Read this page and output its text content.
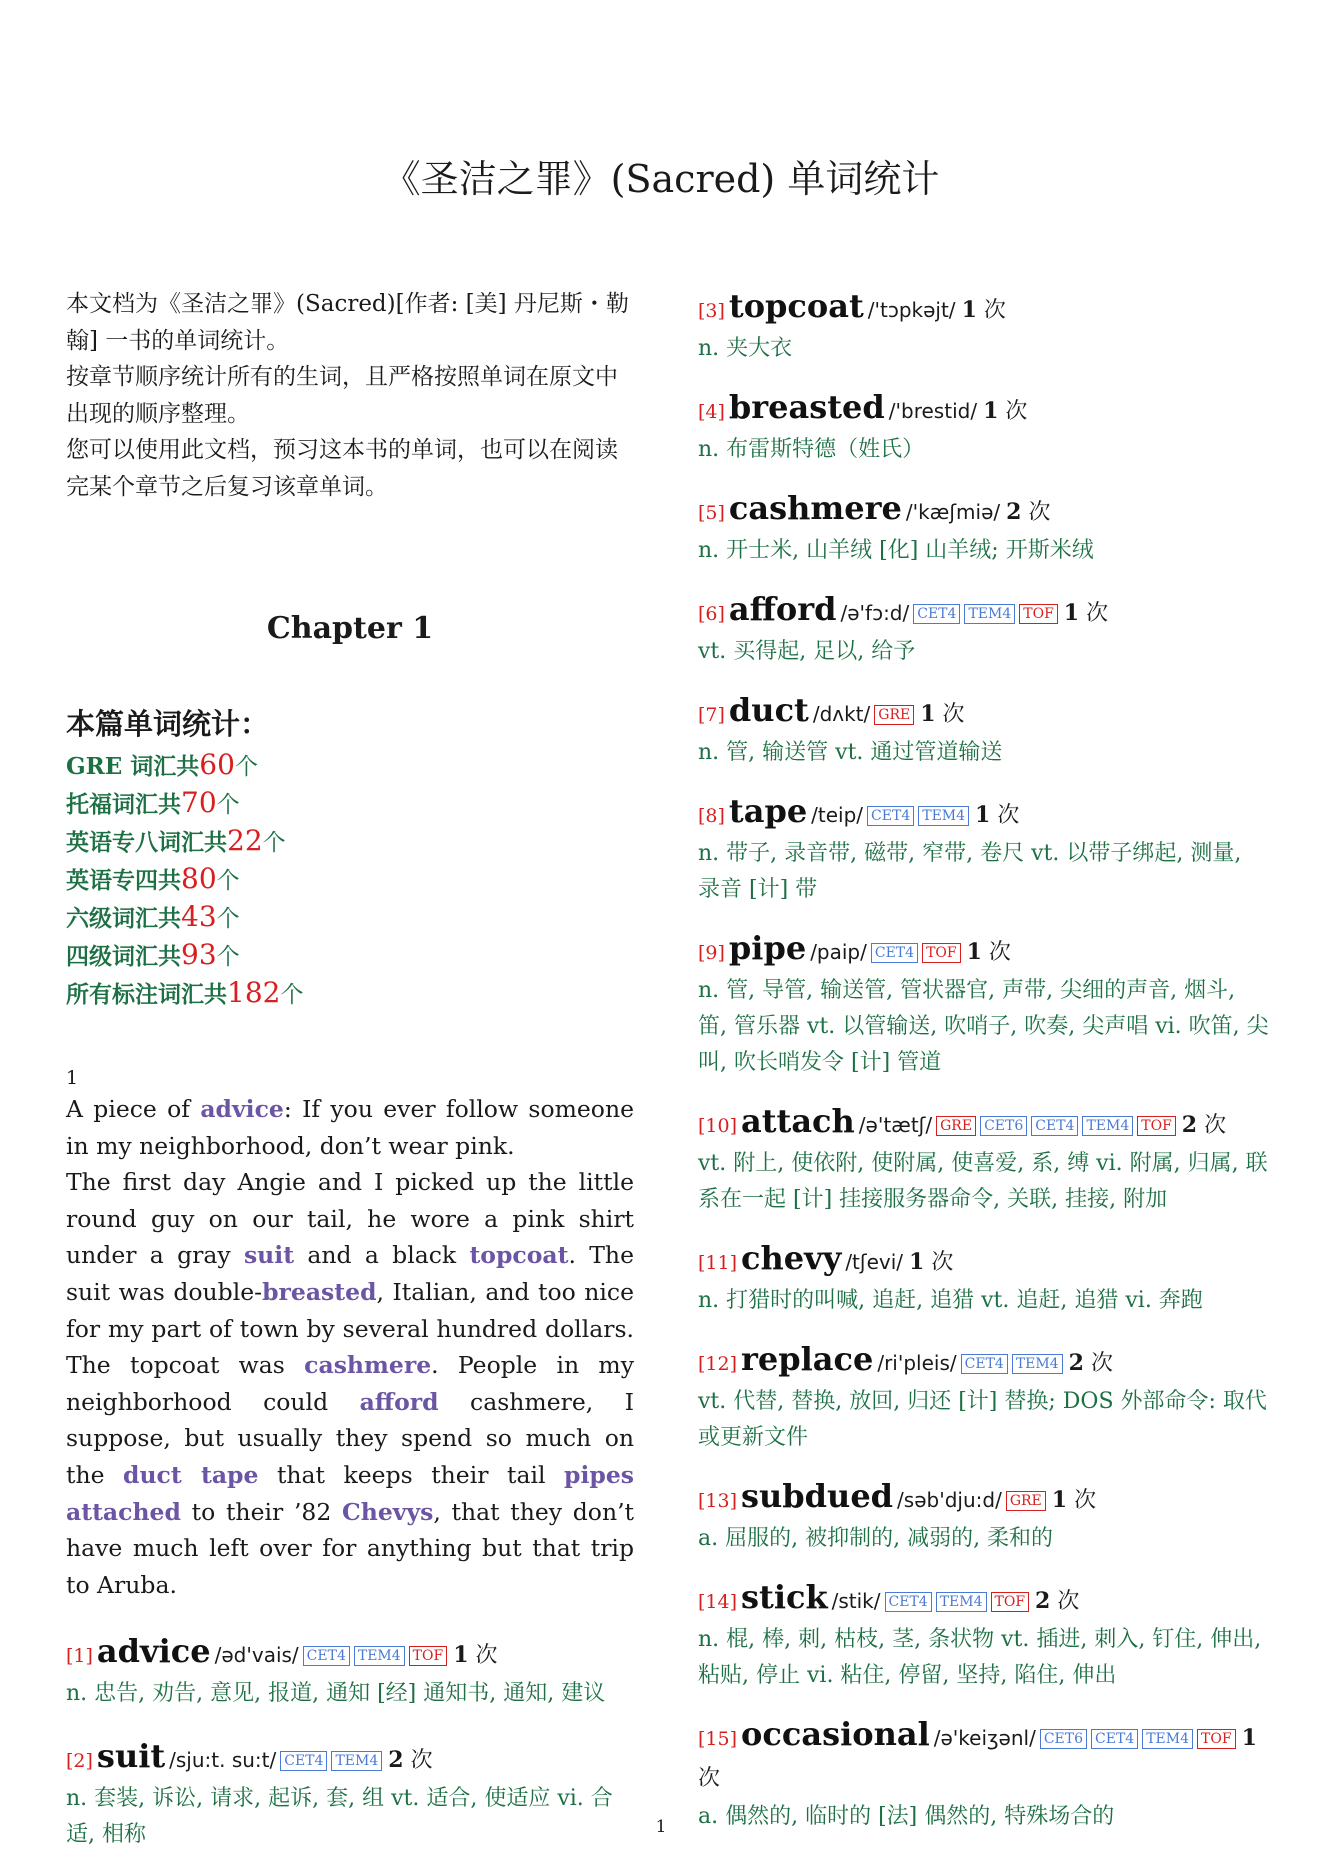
《圣洁之罪》(Sacred) 单词统计

本文档为《圣洁之罪》(Sacred)[作者: [美] 丹尼斯・勒翰] 一书的单词统计。

按章节顺序统计所有的生词，且严格按照单词在原文中出现的顺序整理。

您可以使用此文档，预习这本书的单词，也可以在阅读完某个章节之后复习该章单词。

Chapter 1
本篇单词统计：
GRE 词汇共60个
托福词汇共70个
英语专八词汇共22个
英语专四共80个
六级词汇共43个
四级词汇共93个
所有标注词汇共182个
1

A piece of advice: If you ever follow someone in my neighborhood, don’t wear pink.
The first day Angie and I picked up the little round guy on our tail, he wore a pink shirt under a gray suit and a black topcoat. The suit was double-breasted, Italian, and too nice for my part of town by several hundred dollars. The topcoat was cashmere. People in my neighborhood could afford cashmere, I suppose, but usually they spend so much on the duct tape that keeps their tail pipes attached to their ’82 Chevys, that they don’t have much left over for anything but that trip to Aruba.

[1] advice /əd'vais/ CET4 TEM4 TOF 1 次

n. 忠告, 劝告, 意见, 报道, 通知 [经] 通知书, 通知, 建议

[2] suit /sju:t. su:t/ CET4 TEM4 2 次

n. 套装, 诉讼, 请求, 起诉, 套, 组 vt. 适合, 使适应 vi. 合适, 相称

[3] topcoat /'tɔpkəjt/ 1 次

n. 夹大衣

[4] breasted /'brestid/ 1 次

n. 布雷斯特德（姓氏）

[5] cashmere /'kæʃmiə/ 2 次

n. 开士米, 山羊绒 [化] 山羊绒; 开斯米绒

[6] afford /ə'fɔ:d/ CET4 TEM4 TOF 1 次

vt. 买得起, 足以, 给予

[7] duct /dʌkt/ GRE 1 次

n. 管, 输送管 vt. 通过管道输送

[8] tape /teip/ CET4 TEM4 1 次

n. 带子, 录音带, 磁带, 窄带, 卷尺 vt. 以带子绑起, 测量, 录音 [计] 带

[9] pipe /paip/ CET4 TOF 1 次

n. 管, 导管, 输送管, 管状器官, 声带, 尖细的声音, 烟斗, 笛, 管乐器 vt. 以管输送, 吹哨子, 吹奏, 尖声唱 vi. 吹笛, 尖叫, 吹长哨发令 [计] 管道

[10] attach /ə'tætʃ/ GRE CET6 CET4 TEM4 TOF 2 次

vt. 附上, 使依附, 使附属, 使喜爱, 系, 缚 vi. 附属, 归属, 联系在一起 [计] 挂接服务器命令, 关联, 挂接, 附加

[11] chevy /tʃevi/ 1 次

n. 打猎时的叫喊, 追赶, 追猎 vt. 追赶, 追猎 vi. 奔跑

[12] replace /ri'pleis/ CET4 TEM4 2 次

vt. 代替, 替换, 放回, 归还 [计] 替换; DOS 外部命令: 取代或更新文件

[13] subdued /səb'dju:d/ GRE 1 次

a. 屈服的, 被抑制的, 减弱的, 柔和的

[14] stick /stik/ CET4 TEM4 TOF 2 次

n. 棍, 棒, 刺, 枯枝, 茎, 条状物 vt. 插进, 刺入, 钉住, 伸出, 粘贴, 停止 vi. 粘住, 停留, 坚持, 陷住, 伸出

[15] occasional /ə'keiʒənl/ CET6 CET4 TEM4 TOF 1 次

a. 偶然的, 临时的 [法] 偶然的, 特殊场合的

1
